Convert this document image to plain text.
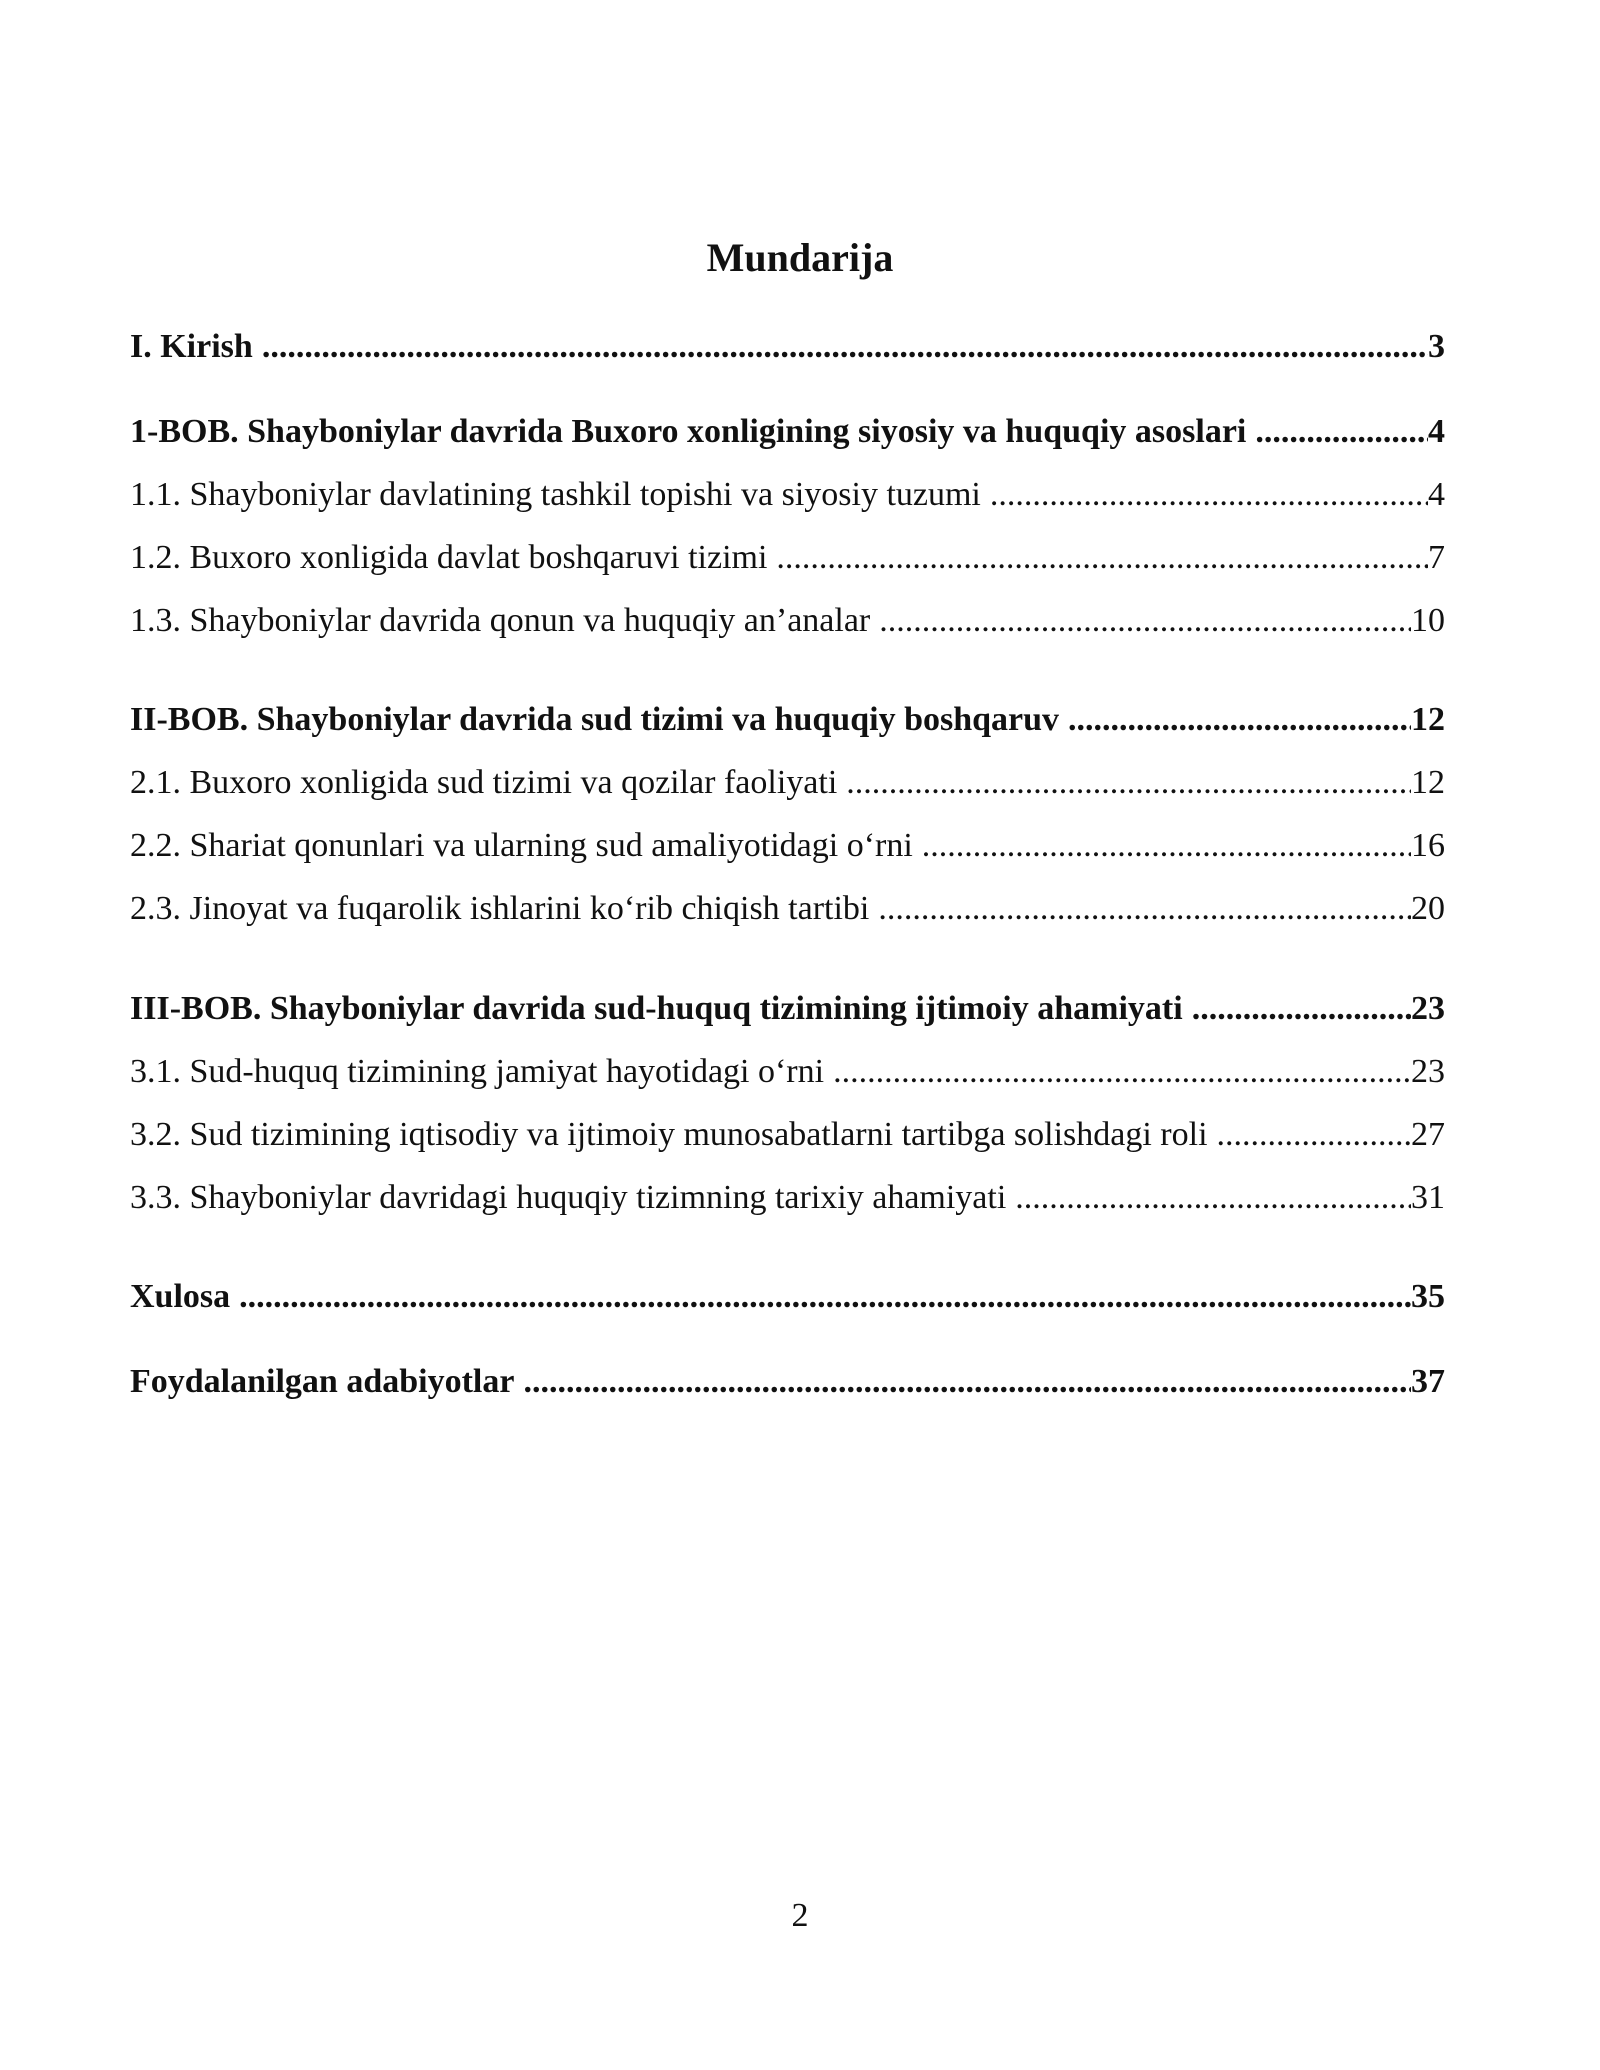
Mundarija
I. Kirish .....	3
1-BOB. Shayboniylar davrida Buxoro xonligining siyosiy va huquqiy asoslari .....	4
1.1. Shayboniylar davlatining tashkil topishi va siyosiy tuzumi .....	4
1.2. Buxoro xonligida davlat boshqaruvi tizimi .....	7
1.3. Shayboniylar davrida qonun va huquqiy an’analar .....	10
II-BOB. Shayboniylar davrida sud tizimi va huquqiy boshqaruv .....	12
2.1. Buxoro xonligida sud tizimi va qozilar faoliyati .....	12
2.2. Shariat qonunlari va ularning sud amaliyotidagi o‘rni .....	16
2.3. Jinoyat va fuqarolik ishlarini ko‘rib chiqish tartibi .....	20
III-BOB. Shayboniylar davrida sud-huquq tizimining ijtimoiy ahamiyati .....	23
3.1. Sud-huquq tizimining jamiyat hayotidagi o‘rni .....	23
3.2. Sud tizimining iqtisodiy va ijtimoiy munosabatlarni tartibga solishdagi roli .....	27
3.3. Shayboniylar davridagi huquqiy tizimning tarixiy ahamiyati .....	31
Xulosa .....	35
Foydalanilgan adabiyotlar .....	37
2
